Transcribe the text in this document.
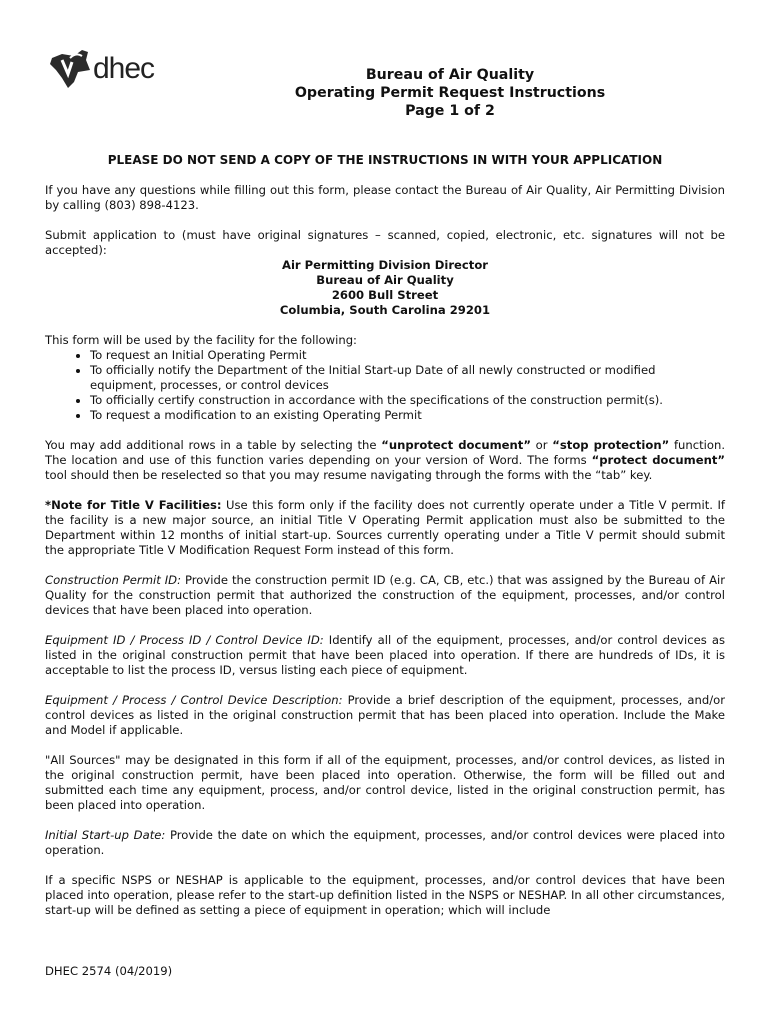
dhec	Bureau of Air Quality
Operating Permit Request Instructions
Page 1 of 2

PLEASE DO NOT SEND A COPY OF THE INSTRUCTIONS IN WITH YOUR APPLICATION

If you have any questions while filling out this form, please contact the Bureau of Air Quality, Air Permitting Division by calling (803) 898-4123.

Submit application to (must have original signatures – scanned, copied, electronic, etc. signatures will not be accepted):

Air Permitting Division Director
Bureau of Air Quality
2600 Bull Street
Columbia, South Carolina 29201

This form will be used by the facility for the following:

• To request an Initial Operating Permit
• To officially notify the Department of the Initial Start-up Date of all newly constructed or modified equipment, processes, or control devices
• To officially certify construction in accordance with the specifications of the construction permit(s).
• To request a modification to an existing Operating Permit

You may add additional rows in a table by selecting the “unprotect document” or “stop protection” function. The location and use of this function varies depending on your version of Word. The forms “protect document” tool should then be reselected so that you may resume navigating through the forms with the “tab” key.

*Note for Title V Facilities: Use this form only if the facility does not currently operate under a Title V permit. If the facility is a new major source, an initial Title V Operating Permit application must also be submitted to the Department within 12 months of initial start-up. Sources currently operating under a Title V permit should submit the appropriate Title V Modification Request Form instead of this form.

Construction Permit ID: Provide the construction permit ID (e.g. CA, CB, etc.) that was assigned by the Bureau of Air Quality for the construction permit that authorized the construction of the equipment, processes, and/or control devices that have been placed into operation.

Equipment ID / Process ID / Control Device ID: Identify all of the equipment, processes, and/or control devices as listed in the original construction permit that have been placed into operation. If there are hundreds of IDs, it is acceptable to list the process ID, versus listing each piece of equipment.

Equipment / Process / Control Device Description: Provide a brief description of the equipment, processes, and/or control devices as listed in the original construction permit that has been placed into operation. Include the Make and Model if applicable.

"All Sources" may be designated in this form if all of the equipment, processes, and/or control devices, as listed in the original construction permit, have been placed into operation. Otherwise, the form will be filled out and submitted each time any equipment, process, and/or control device, listed in the original construction permit, has been placed into operation.

Initial Start-up Date: Provide the date on which the equipment, processes, and/or control devices were placed into operation.

If a specific NSPS or NESHAP is applicable to the equipment, processes, and/or control devices that have been placed into operation, please refer to the start-up definition listed in the NSPS or NESHAP. In all other circumstances, start-up will be defined as setting a piece of equipment in operation; which will include

DHEC 2574 (04/2019)
